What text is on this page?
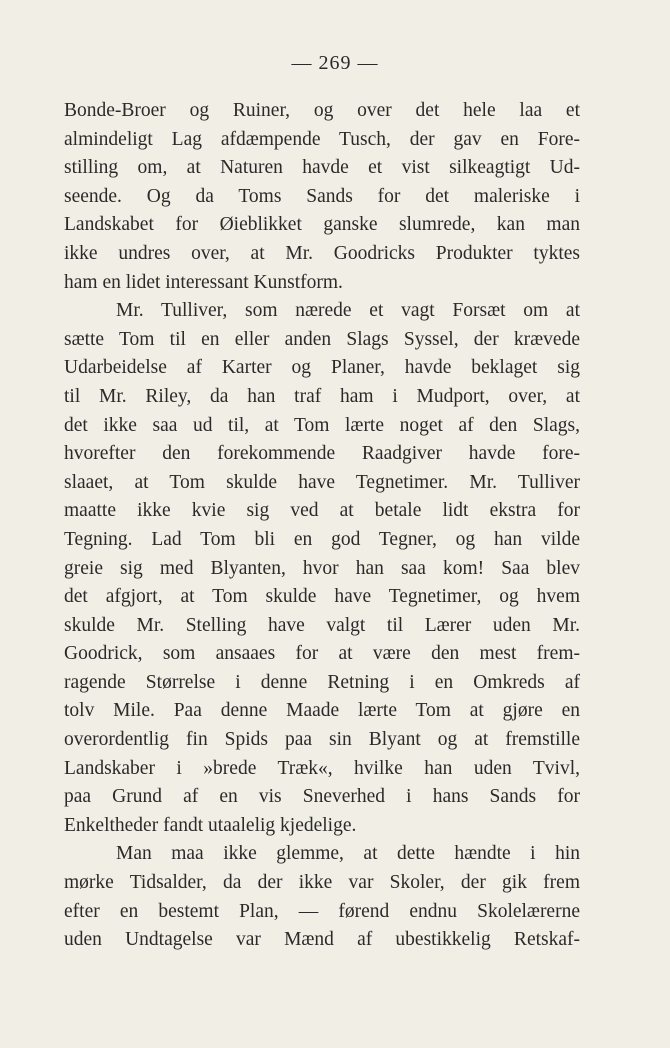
— 269 —
Bonde-Broer og Ruiner, og over det hele laa et
almindeligt Lag afdæmpende Tusch, der gav en Fore-
stilling om, at Naturen havde et vist silkeagtigt Ud-
seende. Og da Toms Sands for det maleriske i
Landskabet for Øieblikket ganske slumrede, kan man
ikke undres over, at Mr. Goodricks Produkter tyktes
ham en lidet interessant Kunstform.
Mr. Tulliver, som nærede et vagt Forsæt om at
sætte Tom til en eller anden Slags Syssel, der krævede
Udarbeidelse af Karter og Planer, havde beklaget sig
til Mr. Riley, da han traf ham i Mudport, over, at
det ikke saa ud til, at Tom lærte noget af den Slags,
hvorefter den forekommende Raadgiver havde fore-
slaaet, at Tom skulde have Tegnetimer. Mr. Tulliver
maatte ikke kvie sig ved at betale lidt ekstra for
Tegning. Lad Tom bli en god Tegner, og han vilde
greie sig med Blyanten, hvor han saa kom! Saa blev
det afgjort, at Tom skulde have Tegnetimer, og hvem
skulde Mr. Stelling have valgt til Lærer uden Mr.
Goodrick, som ansaaes for at være den mest frem-
ragende Størrelse i denne Retning i en Omkreds af
tolv Mile. Paa denne Maade lærte Tom at gjøre en
overordentlig fin Spids paa sin Blyant og at fremstille
Landskaber i »brede Træk«, hvilke han uden Tvivl,
paa Grund af en vis Sneverhed i hans Sands for
Enkeltheder fandt utaalelig kjedelige.
Man maa ikke glemme, at dette hændte i hin
mørke Tidsalder, da der ikke var Skoler, der gik frem
efter en bestemt Plan, — førend endnu Skolelærerne
uden Undtagelse var Mænd af ubestikkelig Retskaf-
